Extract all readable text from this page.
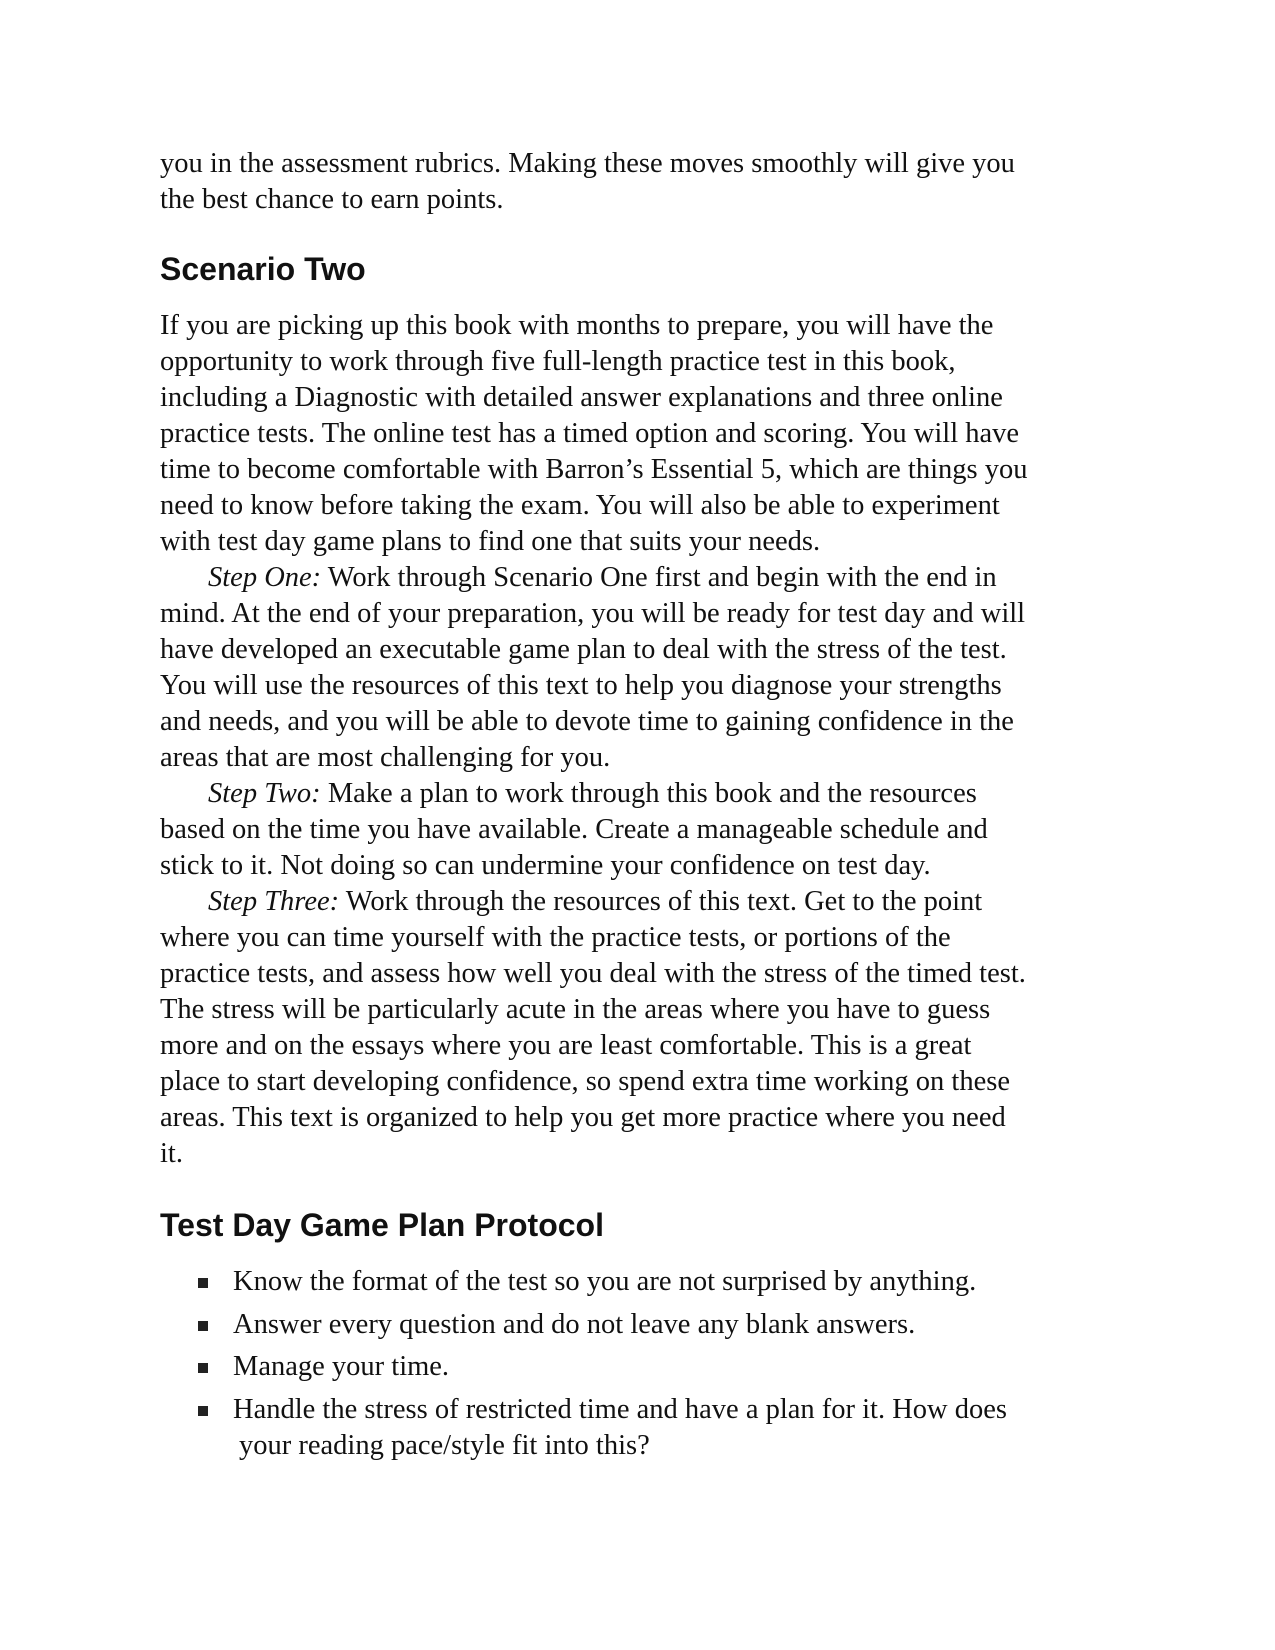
you in the assessment rubrics. Making these moves smoothly will give you
the best chance to earn points.

Scenario Two
If you are picking up this book with months to prepare, you will have the
opportunity to work through five full-length practice test in this book,
including a Diagnostic with detailed answer explanations and three online
practice tests. The online test has a timed option and scoring. You will have
time to become comfortable with Barron’s Essential 5, which are things you
need to know before taking the exam. You will also be able to experiment
with test day game plans to find one that suits your needs.
Step One: Work through Scenario One first and begin with the end in
mind. At the end of your preparation, you will be ready for test day and will
have developed an executable game plan to deal with the stress of the test.
You will use the resources of this text to help you diagnose your strengths
and needs, and you will be able to devote time to gaining confidence in the
areas that are most challenging for you.
Step Two: Make a plan to work through this book and the resources
based on the time you have available. Create a manageable schedule and
stick to it. Not doing so can undermine your confidence on test day.
Step Three: Work through the resources of this text. Get to the point
where you can time yourself with the practice tests, or portions of the
practice tests, and assess how well you deal with the stress of the timed test.
The stress will be particularly acute in the areas where you have to guess
more and on the essays where you are least comfortable. This is a great
place to start developing confidence, so spend extra time working on these
areas. This text is organized to help you get more practice where you need
it.
Test Day Game Plan Protocol
Know the format of the test so you are not surprised by anything.
Answer every question and do not leave any blank answers.
Manage your time.
Handle the stress of restricted time and have a plan for it. How does
your reading pace/style fit into this?
